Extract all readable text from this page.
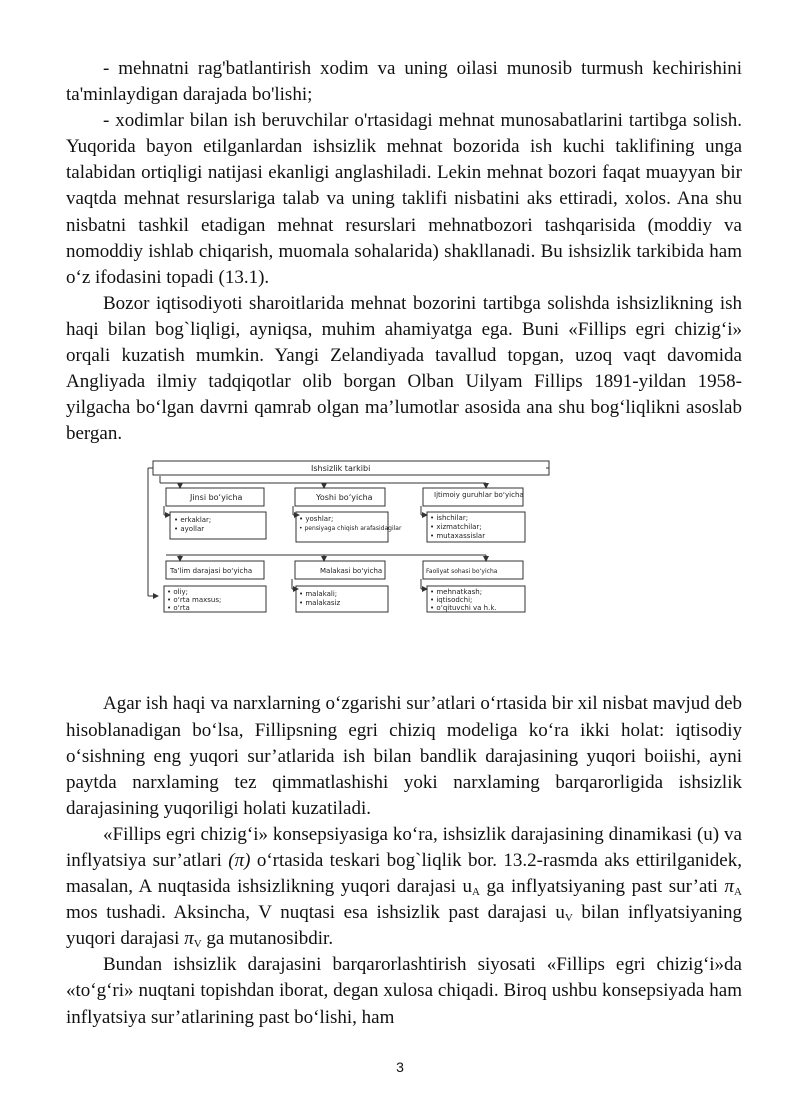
- mehnatni rag'batlantirish xodim va uning oilasi munosib turmush kechirishini ta'minlaydigan darajada bo'lishi;

- xodimlar bilan ish beruvchilar o'rtasidagi mehnat munosabatlarini tartibga solish. Yuqorida bayon etilganlardan ishsizlik mehnat bozorida ish kuchi taklifining unga talabidan ortiqligi natijasi ekanligi anglashiladi. Lekin mehnat bozori faqat muayyan bir vaqtda mehnat resurslariga talab va uning taklifi nisbatini aks ettiradi, xolos. Ana shu nisbatni tashkil etadigan mehnat resurslari mehnatbozori tashqarisida (moddiy va nomoddiy ishlab chiqarish, muomala sohalarida) shakllanadi. Bu ishsizlik tarkibida ham o‘z ifodasini topadi (13.1).

Bozor iqtisodiyoti sharoitlarida mehnat bozorini tartibga solishda ishsizlikning ish haqi bilan bog`liqligi, ayniqsa, muhim ahamiyatga ega. Buni «Fillips egri chizig‘i» orqali kuzatish mumkin. Yangi Zelandiyada tavallud topgan, uzoq vaqt davomida Angliyada ilmiy tadqiqotlar olib borgan Olban Uilyam Fillips 1891-yildan 1958-yilgacha bo‘lgan davrni qamrab olgan ma’lumotlar asosida ana shu bog‘liqlikni asoslab bergan.

Ishsizlik tarkibi
Jinsi bo‘yicha	Yoshi bo‘yicha	Ijtimoiy guruhlar bo‘yicha
• erkaklar;
• ayollar
• yoshlar;
• pensiyaga chiqish arafasidagilar
• ishchilar;
• xizmatchilar;
• mutaxassislar
Ta’lim darajasi bo‘yicha	Malakasi bo‘yicha	Faoliyat sohasi bo‘yicha
• oliy;
• o‘rta maxsus;
• o‘rta
• malakali;
• malakasiz
• mehnatkash;
• iqtisodchi;
• o‘qituvchi va h.k.

Agar ish haqi va narxlarning o‘zgarishi sur’atlari o‘rtasida bir xil nisbat mavjud deb hisoblanadigan bo‘lsa, Fillipsning egri chiziq modeliga ko‘ra ikki holat: iqtisodiy o‘sishning eng yuqori sur’atlarida ish bilan bandlik darajasining yuqori boiishi, ayni paytda narxlaming tez qimmatlashishi yoki narxlaming barqarorligida ishsizlik darajasining yuqoriligi holati kuzatiladi.

«Fillips egri chizig‘i» konsepsiyasiga ko‘ra, ishsizlik darajasining dinamikasi (u) va inflyatsiya sur’atlari (π) o‘rtasida teskari bog`liqlik bor. 13.2-rasmda aks ettirilganidek, masalan, A nuqtasida ishsizlikning yuqori darajasi $u_A$ ga inflyatsiyaning past sur’ati $\pi_A$ mos tushadi. Aksincha, V nuqtasi esa ishsizlik past darajasi $u_V$ bilan inflyatsiyaning yuqori darajasi $\pi_V$ ga mutanosibdir.

Bundan ishsizlik darajasini barqarorlashtirish siyosati «Fillips egri chizig‘i»da «to‘g‘ri» nuqtani topishdan iborat, degan xulosa chiqadi. Biroq ushbu konsepsiyada ham inflyatsiya sur’atlarining past bo‘lishi, ham

3
